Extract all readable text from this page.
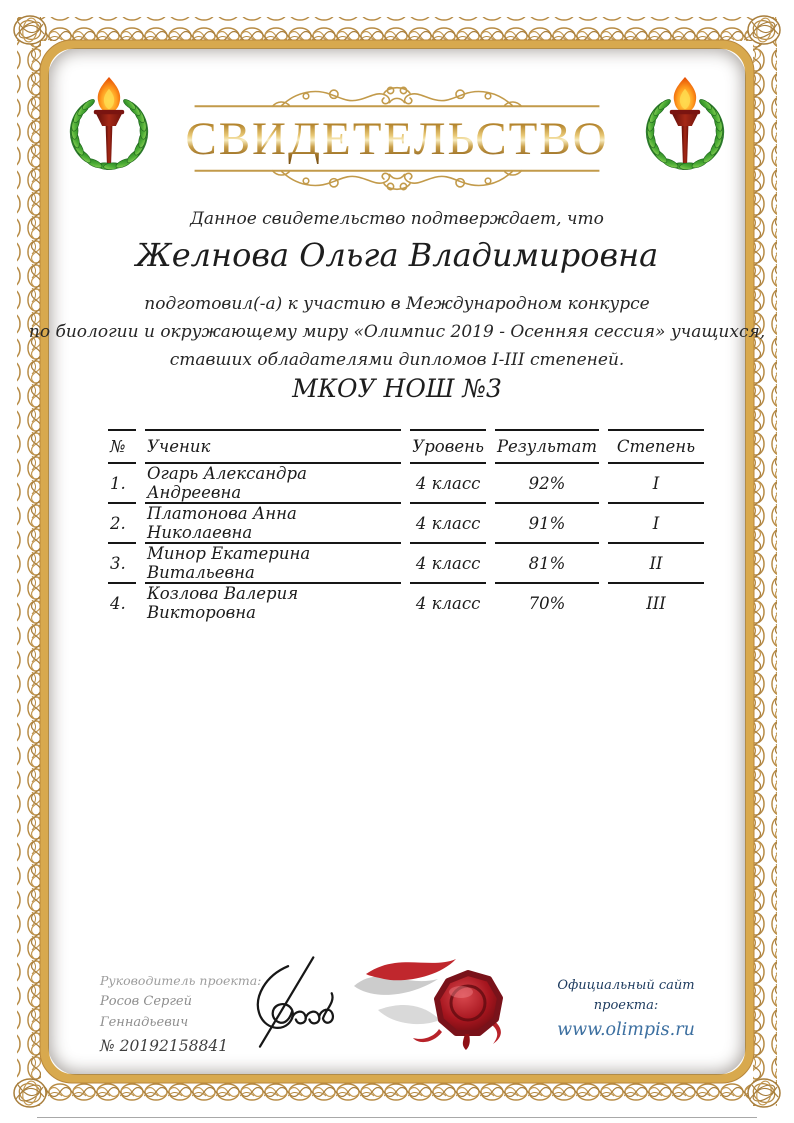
СВИДЕТЕЛЬСТВО
Данное свидетельство подтверждает, что
Желнова Ольга Владимировна
подготовил(-а) к участию в Международном конкурсе
по биологии и окружающему миру «Олимпис 2019 - Осенняя сессия» учащихся,
ставших обладателями дипломов I-III степеней.
МКОУ НОШ №3
№	Ученик	Уровень	Результат	Степень
1.	Огарь Александра Андреевна	4 класс	92%	I
2.	Платонова Анна Николаевна	4 класс	91%	I
3.	Минор Екатерина Витальевна	4 класс	81%	II
4.	Козлова Валерия Викторовна	4 класс	70%	III
Руководитель проекта:
Росов Сергей Геннадьевич
№ 20192158841
Официальный сайт проекта:
www.olimpis.ru
